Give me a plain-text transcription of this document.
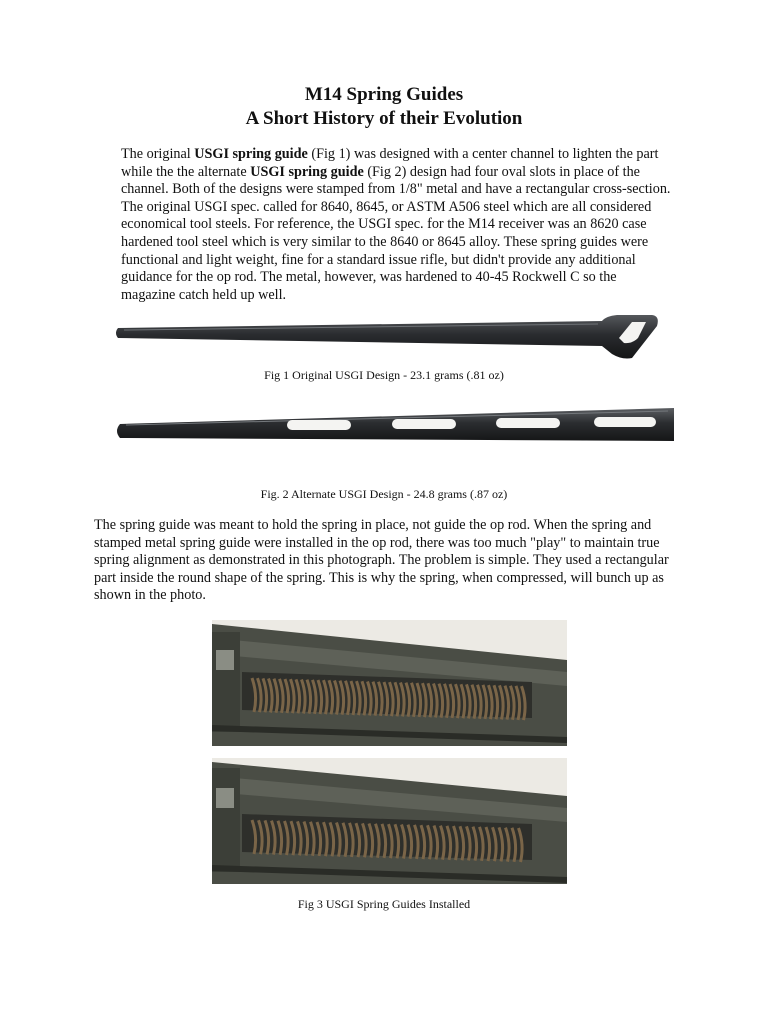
M14 Spring Guides
A Short History of their Evolution
The original USGI spring guide (Fig 1) was designed with a center channel to lighten the part while the the alternate USGI spring guide (Fig 2) design had four oval slots in place of the channel. Both of the designs were stamped from 1/8" metal and have a rectangular cross-section. The original USGI spec. called for 8640, 8645, or ASTM A506 steel which are all considered economical tool steels. For reference, the USGI spec. for the M14 receiver was an 8620 case hardened tool steel which is very similar to the 8640 or 8645 alloy. These spring guides were functional and light weight, fine for a standard issue rifle, but didn't provide any additional guidance for the op rod. The metal, however, was hardened to 40-45 Rockwell C so the magazine catch held up well.
Fig 1 Original USGI Design - 23.1 grams (.81 oz)
Fig. 2 Alternate USGI Design - 24.8 grams (.87 oz)
The spring guide was meant to hold the spring in place, not guide the op rod. When the spring and stamped metal spring guide were installed in the op rod, there was too much "play" to maintain true spring alignment as demonstrated in this photograph. The problem is simple. They used a rectangular part inside the round shape of the spring. This is why the spring, when compressed, will bunch up as shown in the photo.
Fig 3 USGI Spring Guides Installed
